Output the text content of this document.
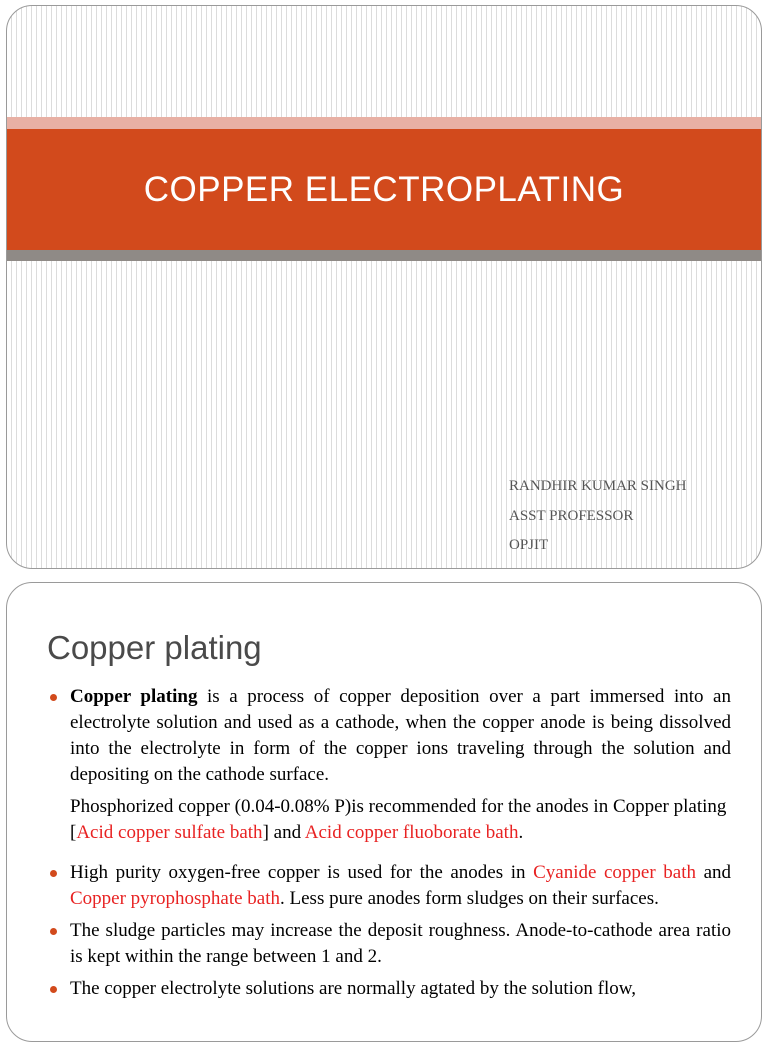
COPPER ELECTROPLATING
RANDHIR KUMAR SINGH
ASST PROFESSOR
OPJIT
Copper plating
Copper plating is a process of copper deposition over a part immersed into an electrolyte solution and used as a cathode, when the copper anode is being dissolved into the electrolyte in form of the copper ions traveling through the solution and depositing on the cathode surface.
Phosphorized copper (0.04-0.08% P)is recommended for the anodes in Copper plating [Acid copper sulfate bath] and Acid copper fluoborate bath.
High purity oxygen-free copper is used for the anodes in Cyanide copper bath and Copper pyrophosphate bath. Less pure anodes form sludges on their surfaces.
The sludge particles may increase the deposit roughness. Anode-to-cathode area ratio is kept within the range between 1 and 2.
The copper electrolyte solutions are normally agtated by the solution flow,
